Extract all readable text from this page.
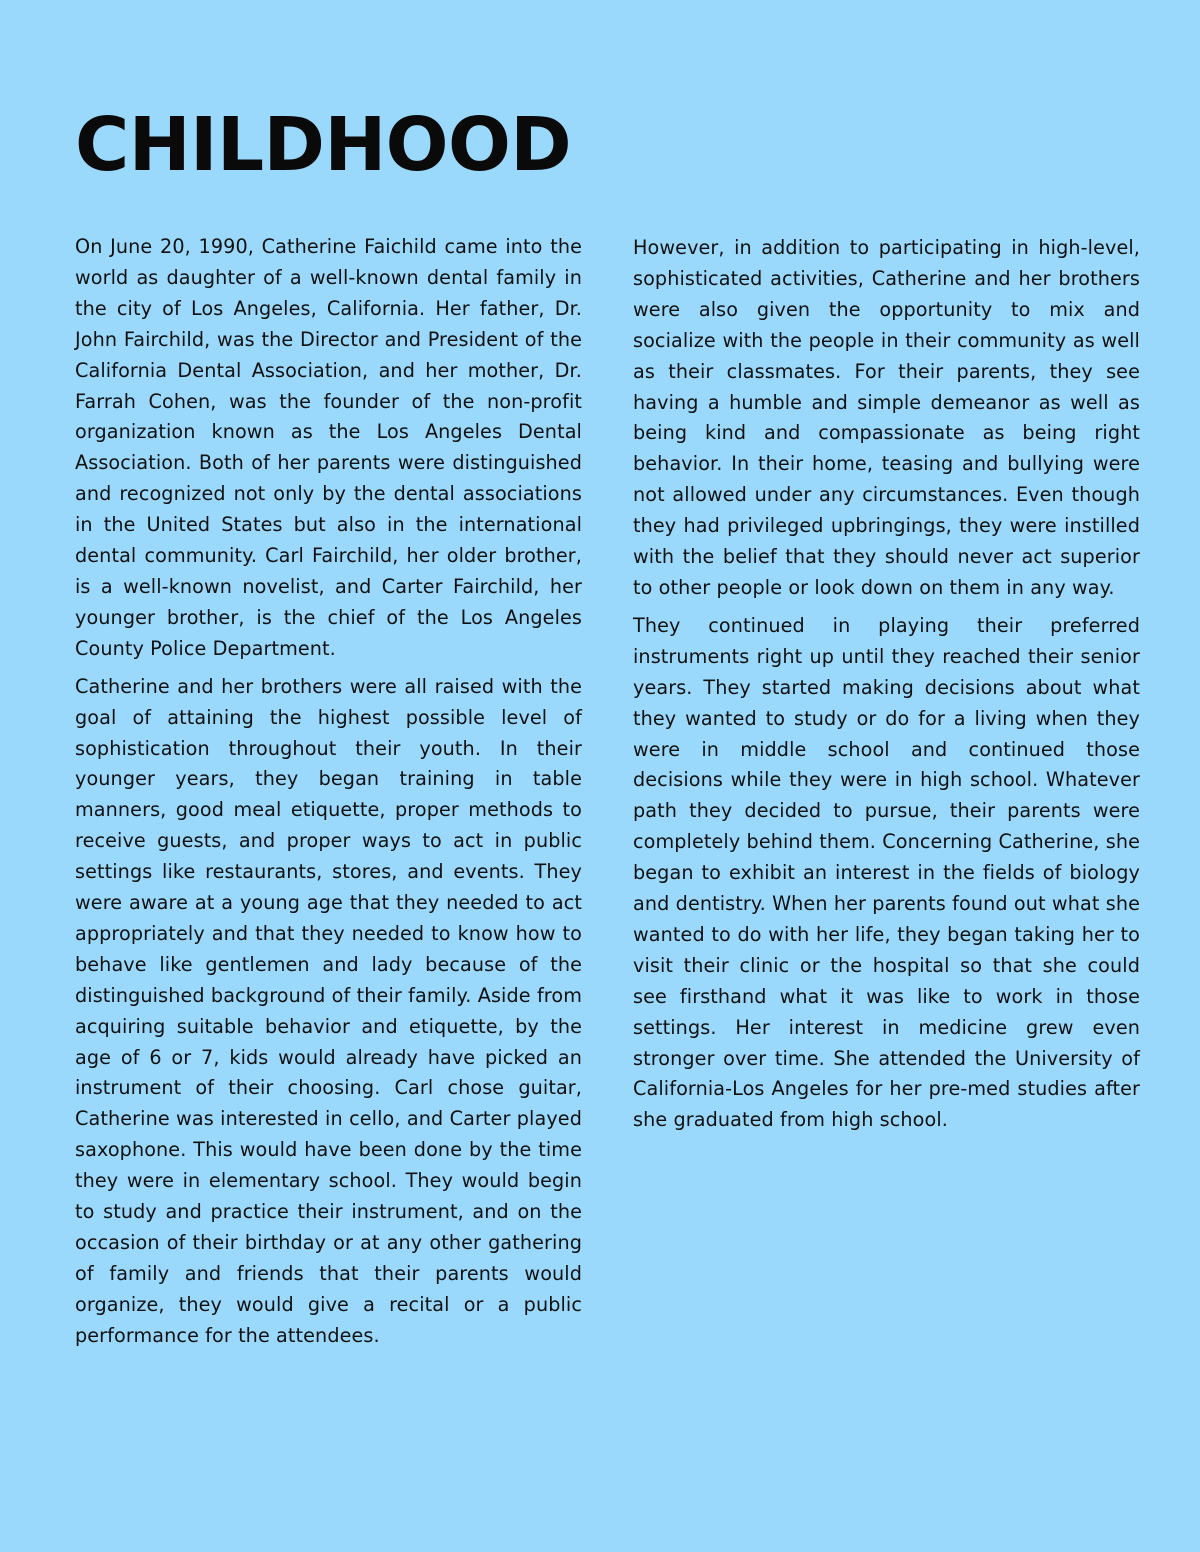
CHILDHOOD

On June 20, 1990, Catherine Faichild came into the world as daughter of a well-known dental family in the city of Los Angeles, California. Her father, Dr. John Fairchild, was the Director and President of the California Dental Association, and her mother, Dr. Farrah Cohen, was the founder of the non-profit organization known as the Los Angeles Dental Association. Both of her parents were distinguished and recognized not only by the dental associations in the United States but also in the international dental community. Carl Fairchild, her older brother, is a well-known novelist, and Carter Fairchild, her younger brother, is the chief of the Los Angeles County Police Department.

Catherine and her brothers were all raised with the goal of attaining the highest possible level of sophistication throughout their youth. In their younger years, they began training in table manners, good meal etiquette, proper methods to receive guests, and proper ways to act in public settings like restaurants, stores, and events. They were aware at a young age that they needed to act appropriately and that they needed to know how to behave like gentlemen and lady because of the distinguished background of their family. Aside from acquiring suitable behavior and etiquette, by the age of 6 or 7, kids would already have picked an instrument of their choosing. Carl chose guitar, Catherine was interested in cello, and Carter played saxophone. This would have been done by the time they were in elementary school. They would begin to study and practice their instrument, and on the occasion of their birthday or at any other gathering of family and friends that their parents would organize, they would give a recital or a public performance for the attendees.

However, in addition to participating in high-level, sophisticated activities, Catherine and her brothers were also given the opportunity to mix and socialize with the people in their community as well as their classmates. For their parents, they see having a humble and simple demeanor as well as being kind and compassionate as being right behavior. In their home, teasing and bullying were not allowed under any circumstances. Even though they had privileged upbringings, they were instilled with the belief that they should never act superior to other people or look down on them in any way.

They continued in playing their preferred instruments right up until they reached their senior years. They started making decisions about what they wanted to study or do for a living when they were in middle school and continued those decisions while they were in high school. Whatever path they decided to pursue, their parents were completely behind them. Concerning Catherine, she began to exhibit an interest in the fields of biology and dentistry. When her parents found out what she wanted to do with her life, they began taking her to visit their clinic or the hospital so that she could see firsthand what it was like to work in those settings. Her interest in medicine grew even stronger over time. She attended the University of California-Los Angeles for her pre-med studies after she graduated from high school.
